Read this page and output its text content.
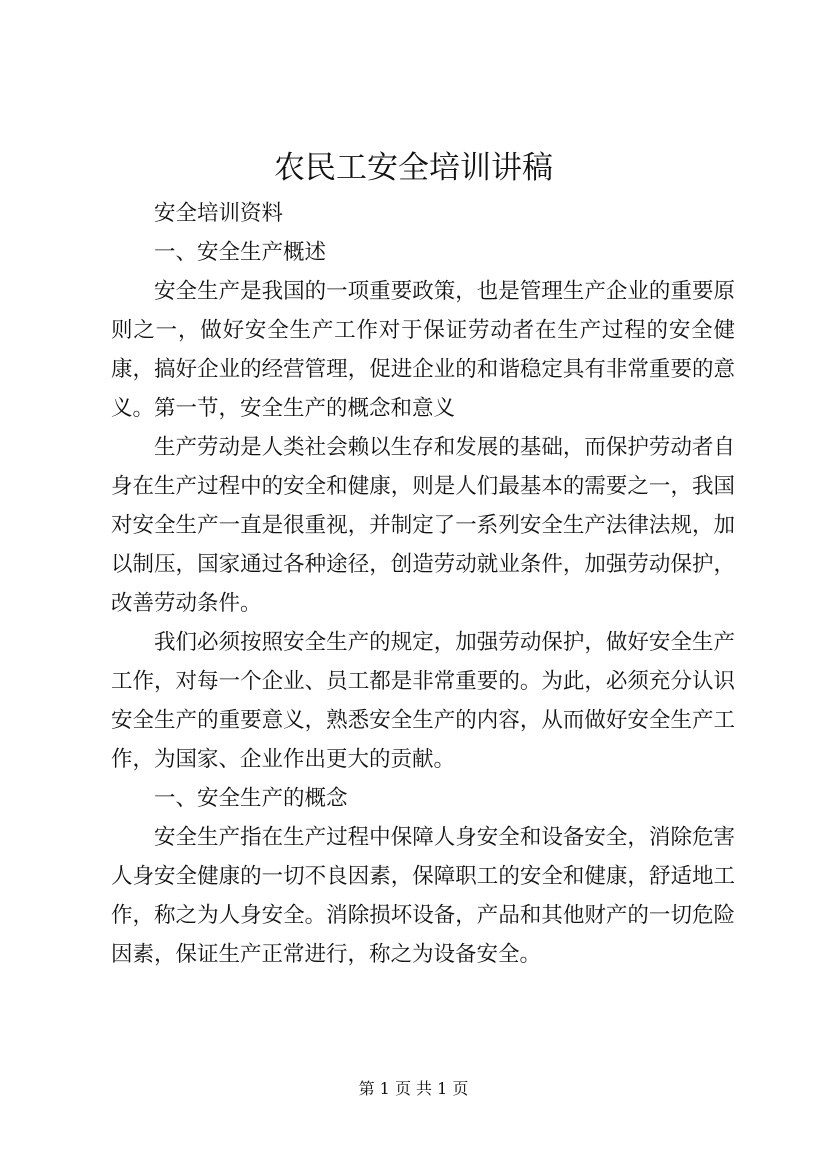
农民工安全培训讲稿

安全培训资料

一、安全生产概述

安全生产是我国的一项重要政策，也是管理生产企业的重要原则之一，做好安全生产工作对于保证劳动者在生产过程的安全健康，搞好企业的经营管理，促进企业的和谐稳定具有非常重要的意义。第一节，安全生产的概念和意义

生产劳动是人类社会赖以生存和发展的基础，而保护劳动者自身在生产过程中的安全和健康，则是人们最基本的需要之一，我国对安全生产一直是很重视，并制定了一系列安全生产法律法规，加以制压，国家通过各种途径，创造劳动就业条件，加强劳动保护，改善劳动条件。

我们必须按照安全生产的规定，加强劳动保护，做好安全生产工作，对每一个企业、员工都是非常重要的。为此，必须充分认识安全生产的重要意义，熟悉安全生产的内容，从而做好安全生产工作，为国家、企业作出更大的贡献。

一、安全生产的概念

安全生产指在生产过程中保障人身安全和设备安全，消除危害人身安全健康的一切不良因素，保障职工的安全和健康，舒适地工作，称之为人身安全。消除损坏设备，产品和其他财产的一切危险因素，保证生产正常进行，称之为设备安全。

第 1 页 共 1 页
